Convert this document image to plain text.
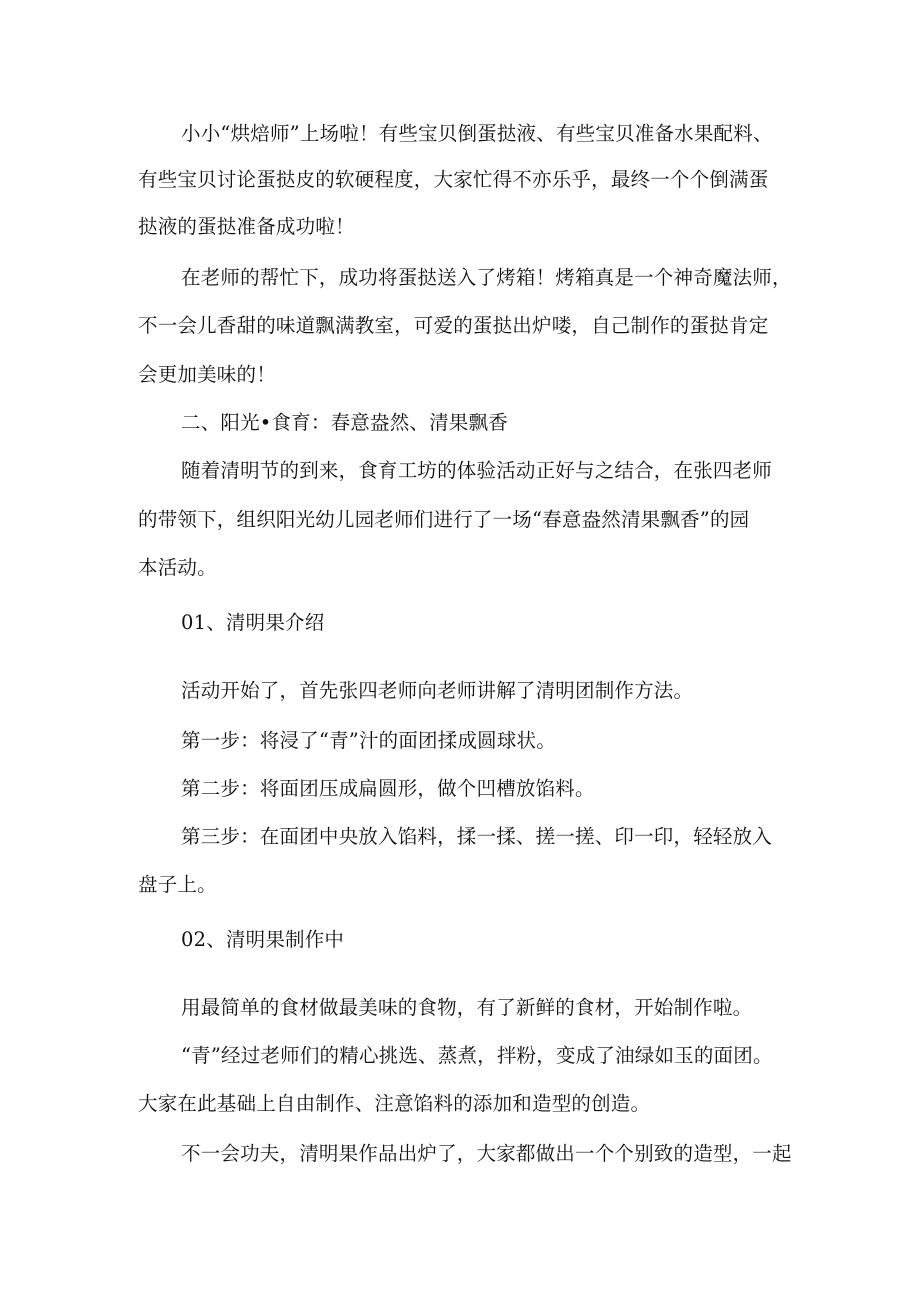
小小“烘焙师”上场啦！有些宝贝倒蛋挞液、有些宝贝准备水果配料、
有些宝贝讨论蛋挞皮的软硬程度，大家忙得不亦乐乎，最终一个个倒满蛋
挞液的蛋挞准备成功啦！
在老师的帮忙下，成功将蛋挞送入了烤箱！烤箱真是一个神奇魔法师，
不一会儿香甜的味道飘满教室，可爱的蛋挞出炉喽，自己制作的蛋挞肯定
会更加美味的！
二、阳光•食育：春意盎然、清果飘香
随着清明节的到来，食育工坊的体验活动正好与之结合，在张四老师
的带领下，组织阳光幼儿园老师们进行了一场“春意盎然清果飘香”的园
本活动。
01、清明果介绍
活动开始了，首先张四老师向老师讲解了清明团制作方法。
第一步：将浸了“青”汁的面团揉成圆球状。
第二步：将面团压成扁圆形，做个凹槽放馅料。
第三步：在面团中央放入馅料，揉一揉、搓一搓、印一印，轻轻放入
盘子上。
02、清明果制作中
用最简单的食材做最美味的食物，有了新鲜的食材，开始制作啦。
“青”经过老师们的精心挑选、蒸煮，拌粉，变成了油绿如玉的面团。
大家在此基础上自由制作、注意馅料的添加和造型的创造。
不一会功夫，清明果作品出炉了，大家都做出一个个别致的造型，一起
